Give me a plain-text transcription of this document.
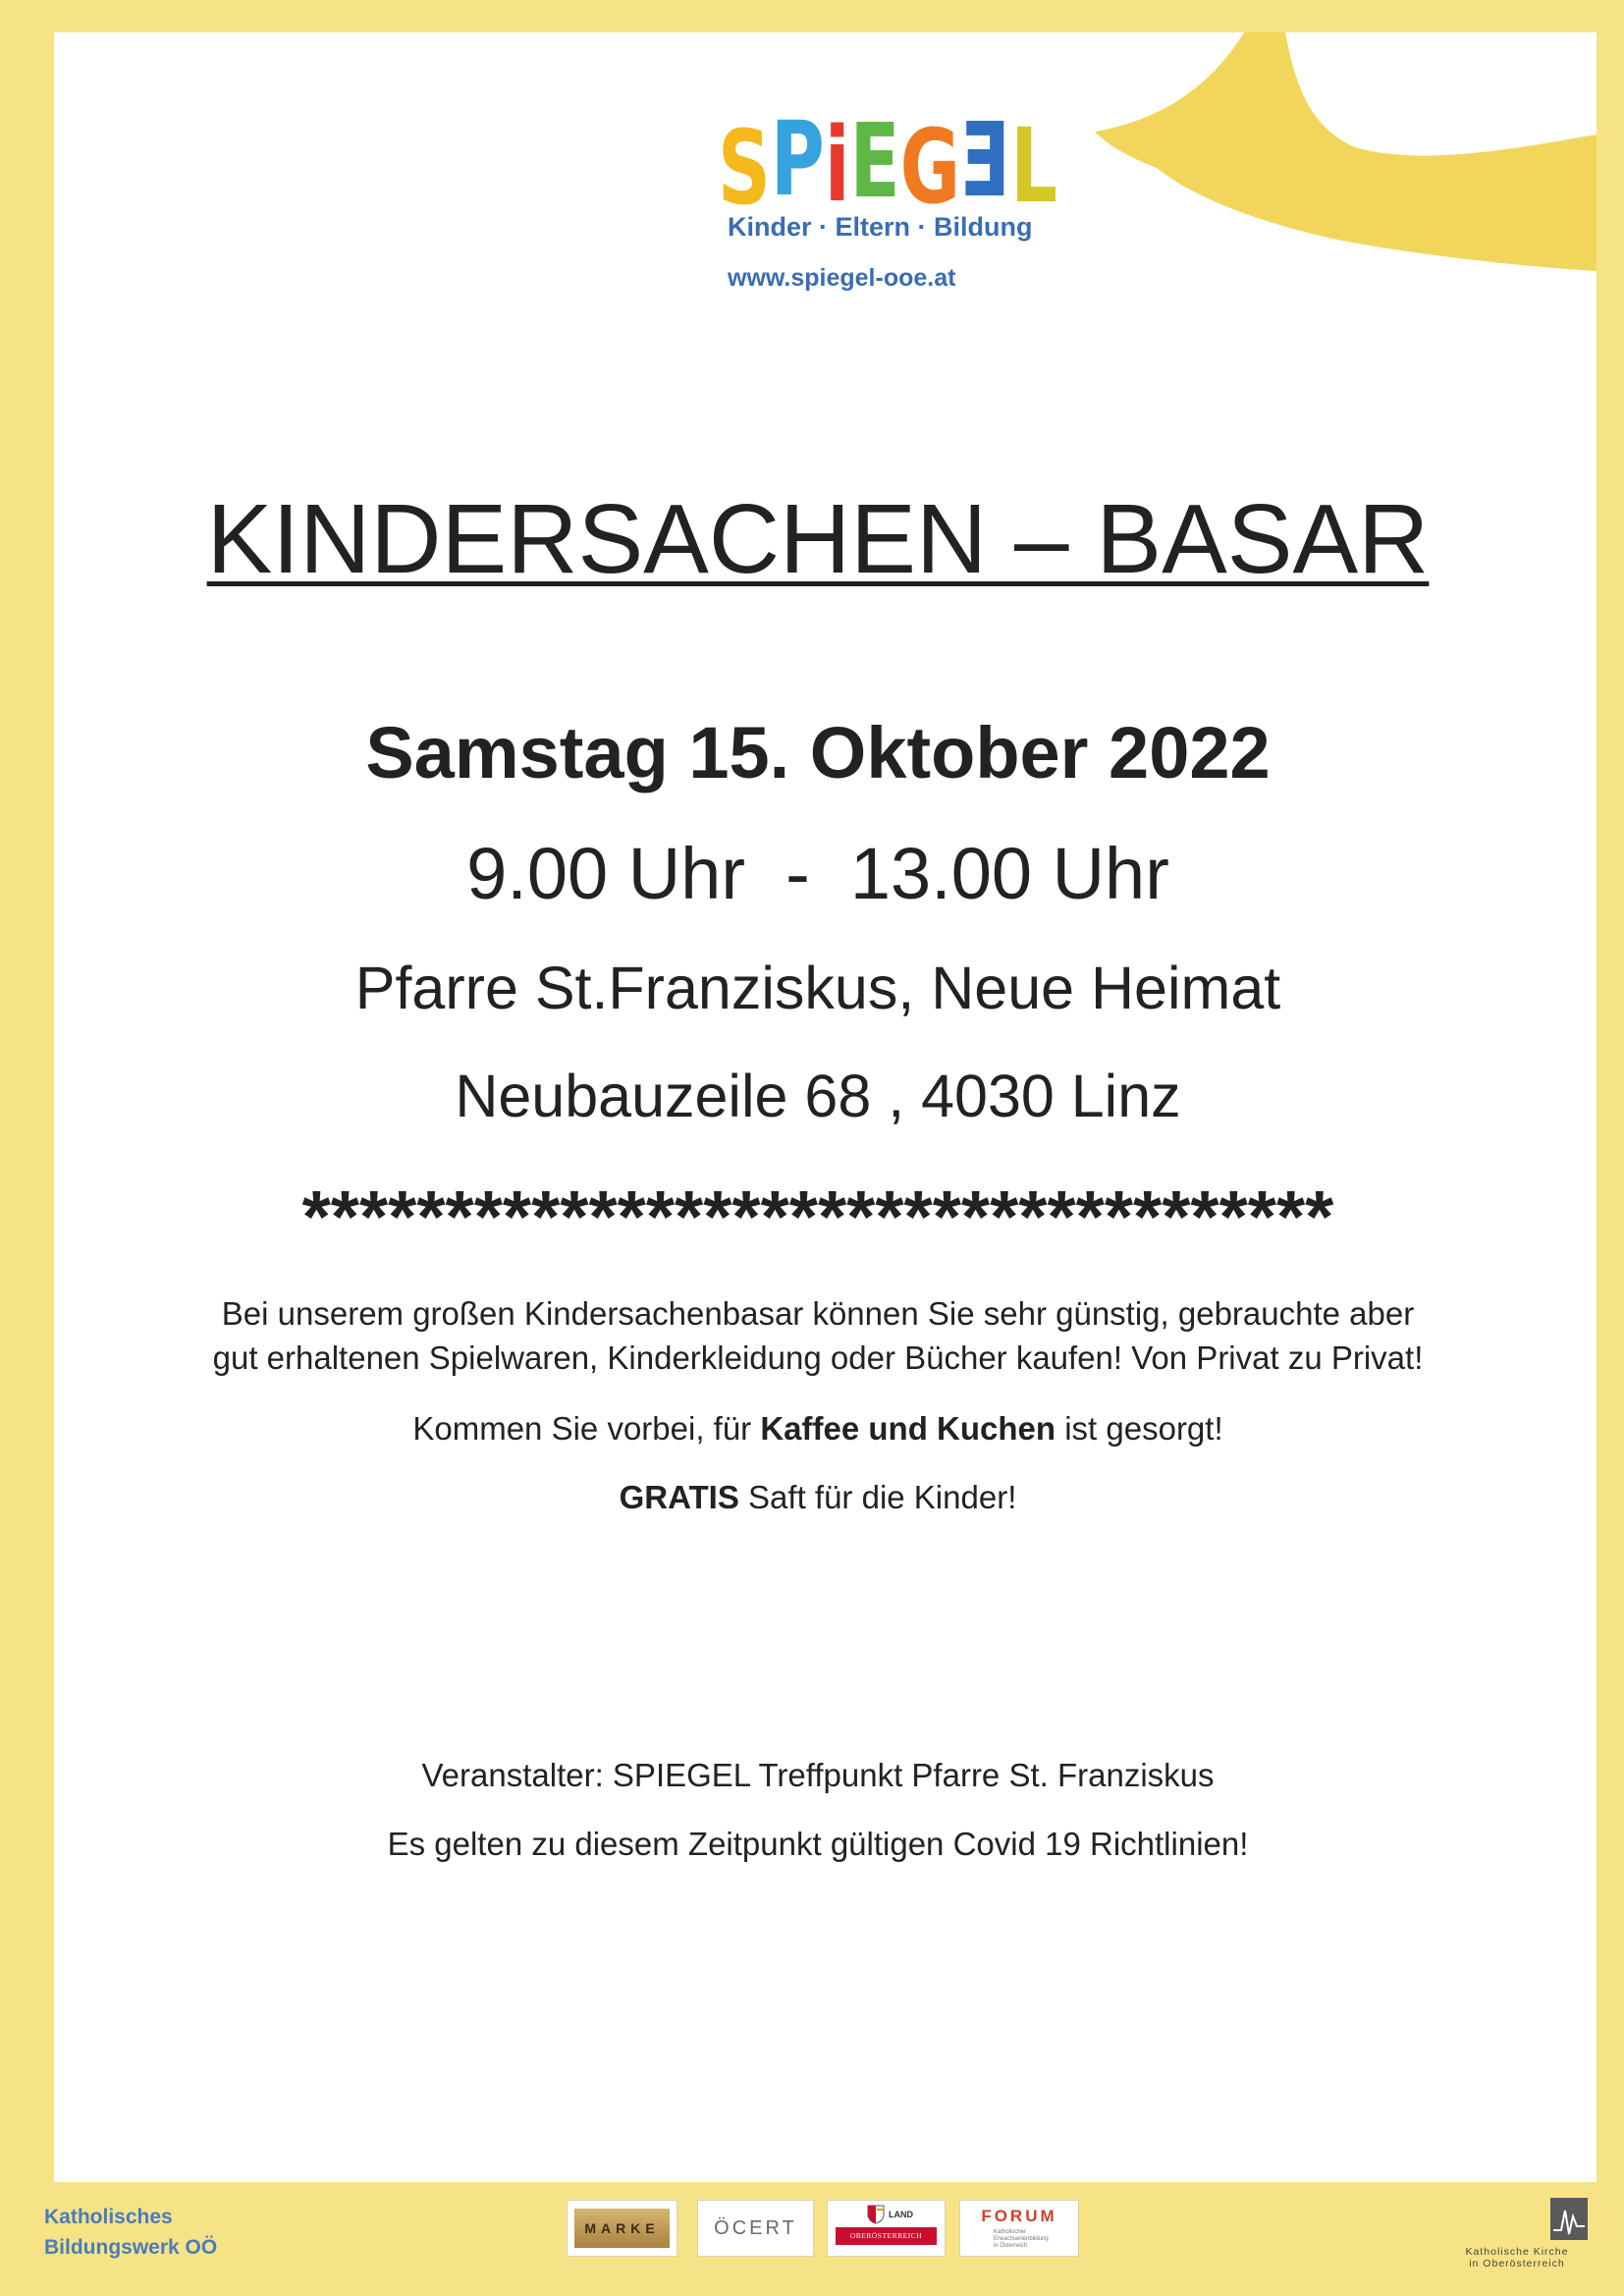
SPiEGEL
Kinder · Eltern · Bildung
www.spiegel-ooe.at
KINDERSACHEN – BASAR
Samstag 15. Oktober 2022
9.00 Uhr  -  13.00 Uhr
Pfarre St.Franziskus, Neue Heimat
Neubauzeile 68 , 4030 Linz
************************************
Bei unserem großen Kindersachenbasar können Sie sehr günstig, gebrauchte aber
gut erhaltenen Spielwaren, Kinderkleidung oder Bücher kaufen! Von Privat zu Privat!
Kommen Sie vorbei, für Kaffee und Kuchen ist gesorgt!
GRATIS Saft für die Kinder!
Veranstalter: SPIEGEL Treffpunkt Pfarre St. Franziskus
Es gelten zu diesem Zeitpunkt gültigen Covid 19 Richtlinien!
Katholisches
Bildungswerk OÖ
MARKE	ÖCERT
LAND
OBERÖSTERREICH
FORUM
Katholischer
Erwachsenenbildung
in Österreich	Katholische Kirche
in Oberösterreich
